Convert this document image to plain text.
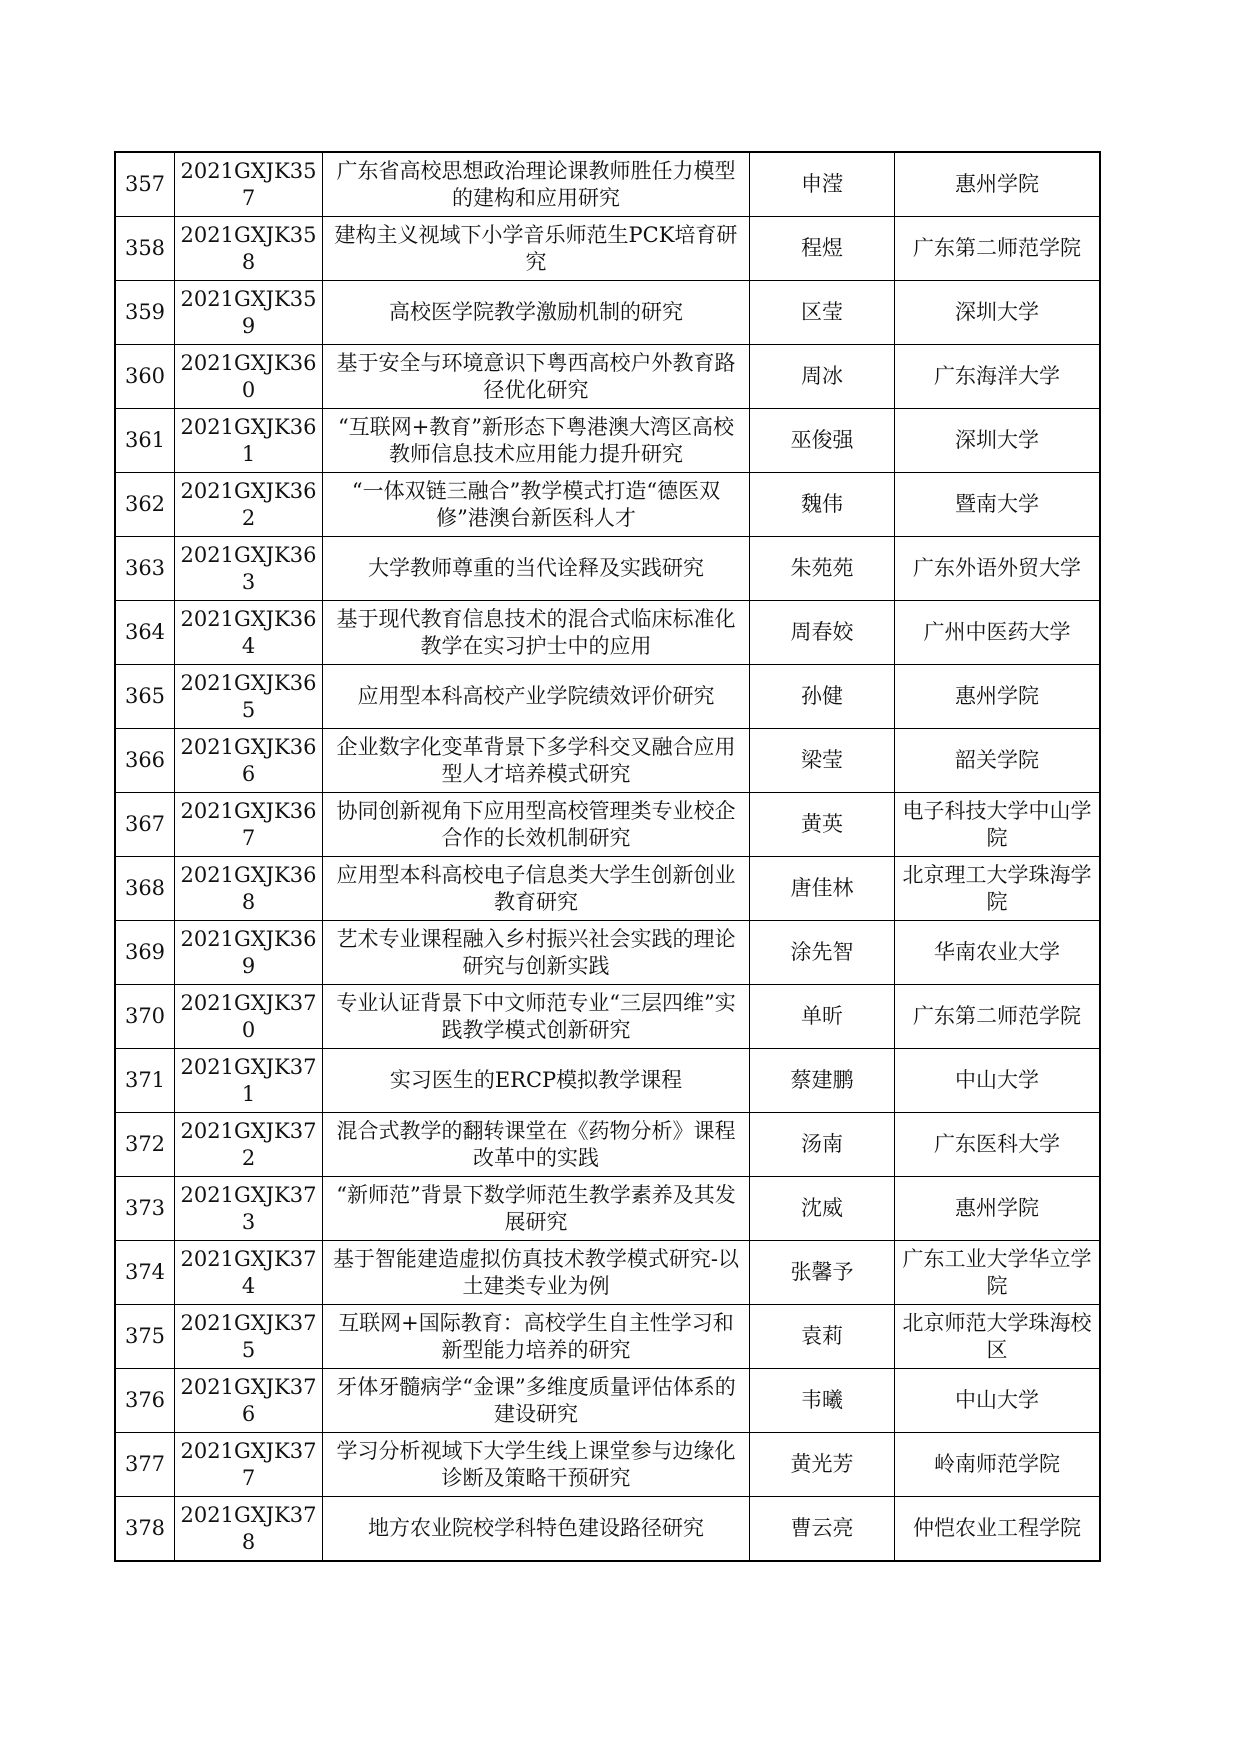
357	2021GXJK357	广东省高校思想政治理论课教师胜任力模型的建构和应用研究	申滢	惠州学院
358	2021GXJK358	建构主义视域下小学音乐师范生PCK培育研究	程煜	广东第二师范学院
359	2021GXJK359	高校医学院教学激励机制的研究	区莹	深圳大学
360	2021GXJK360	基于安全与环境意识下粤西高校户外教育路径优化研究	周冰	广东海洋大学
361	2021GXJK361	“互联网+教育”新形态下粤港澳大湾区高校教师信息技术应用能力提升研究	巫俊强	深圳大学
362	2021GXJK362	“一体双链三融合”教学模式打造“德医双修”港澳台新医科人才	魏伟	暨南大学
363	2021GXJK363	大学教师尊重的当代诠释及实践研究	朱苑苑	广东外语外贸大学
364	2021GXJK364	基于现代教育信息技术的混合式临床标准化教学在实习护士中的应用	周春姣	广州中医药大学
365	2021GXJK365	应用型本科高校产业学院绩效评价研究	孙健	惠州学院
366	2021GXJK366	企业数字化变革背景下多学科交叉融合应用型人才培养模式研究	梁莹	韶关学院
367	2021GXJK367	协同创新视角下应用型高校管理类专业校企合作的长效机制研究	黄英	电子科技大学中山学院
368	2021GXJK368	应用型本科高校电子信息类大学生创新创业教育研究	唐佳林	北京理工大学珠海学院
369	2021GXJK369	艺术专业课程融入乡村振兴社会实践的理论研究与创新实践	涂先智	华南农业大学
370	2021GXJK370	专业认证背景下中文师范专业“三层四维”实践教学模式创新研究	单昕	广东第二师范学院
371	2021GXJK371	实习医生的ERCP模拟教学课程	蔡建鹏	中山大学
372	2021GXJK372	混合式教学的翻转课堂在《药物分析》课程改革中的实践	汤南	广东医科大学
373	2021GXJK373	“新师范”背景下数学师范生教学素养及其发展研究	沈威	惠州学院
374	2021GXJK374	基于智能建造虚拟仿真技术教学模式研究-以土建类专业为例	张馨予	广东工业大学华立学院
375	2021GXJK375	互联网+国际教育：高校学生自主性学习和新型能力培养的研究	袁莉	北京师范大学珠海校区
376	2021GXJK376	牙体牙髓病学“金课”多维度质量评估体系的建设研究	韦曦	中山大学
377	2021GXJK377	学习分析视域下大学生线上课堂参与边缘化诊断及策略干预研究	黄光芳	岭南师范学院
378	2021GXJK378	地方农业院校学科特色建设路径研究	曹云亮	仲恺农业工程学院
